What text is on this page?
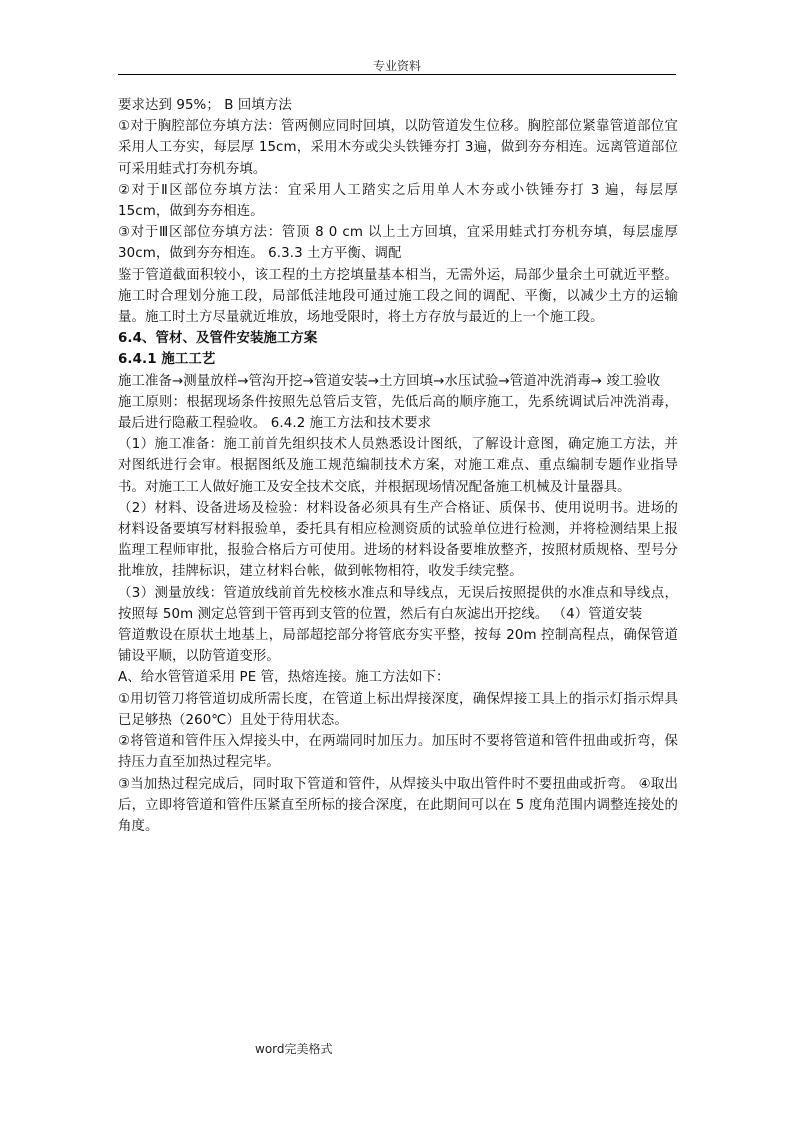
专业资料

要求达到 95%； B 回填方法

①对于胸腔部位夯填方法：管两侧应同时回填，以防管道发生位移。胸腔部位紧靠管道部位宜采用人工夯实，每层厚 15cm，采用木夯或尖头铁锤夯打 3遍，做到夯夯相连。远离管道部位可采用蛙式打夯机夯填。

②对于Ⅱ区部位夯填方法：宜采用人工踏实之后用单人木夯或小铁锤夯打 3 遍，每层厚 15cm，做到夯夯相连。

③对于Ⅲ区部位夯填方法：管顶 8 0 cm 以上土方回填，宜采用蛙式打夯机夯填，每层虚厚 30cm，做到夯夯相连。 6.3.3 土方平衡、调配

鉴于管道截面积较小，该工程的土方挖填量基本相当，无需外运，局部少量余土可就近平整。施工时合理划分施工段，局部低洼地段可通过施工段之间的调配、平衡，以减少土方的运输量。施工时土方尽量就近堆放，场地受限时，将土方存放与最近的上一个施工段。

6.4、管材、及管件安装施工方案

6.4.1 施工工艺

施工准备→测量放样→管沟开挖→管道安装→土方回填→水压试验→管道冲洗消毒→ 竣工验收

施工原则：根据现场条件按照先总管后支管，先低后高的顺序施工，先系统调试后冲洗消毒，最后进行隐蔽工程验收。 6.4.2 施工方法和技术要求

（1）施工准备：施工前首先组织技术人员熟悉设计图纸，了解设计意图，确定施工方法，并对图纸进行会审。根据图纸及施工规范编制技术方案，对施工难点、重点编制专题作业指导书。对施工工人做好施工及安全技术交底，并根据现场情况配备施工机械及计量器具。

（2）材料、设备进场及检验：材料设备必须具有生产合格证、质保书、使用说明书。进场的材料设备要填写材料报验单，委托具有相应检测资质的试验单位进行检测，并将检测结果上报监理工程师审批，报验合格后方可使用。进场的材料设备要堆放整齐，按照材质规格、型号分批堆放，挂牌标识，建立材料台帐，做到帐物相符，收发手续完整。

（3）测量放线：管道放线前首先校核水准点和导线点，无误后按照提供的水准点和导线点，按照每 50m 测定总管到干管再到支管的位置，然后有白灰滤出开挖线。 （4）管道安装

管道敷设在原状土地基上，局部超挖部分将管底夯实平整，按每 20m 控制高程点，确保管道铺设平顺，以防管道变形。

A、给水管管道采用 PE 管，热熔连接。施工方法如下：

①用切管刀将管道切成所需长度，在管道上标出焊接深度，确保焊接工具上的指示灯指示焊具已足够热（260℃）且处于待用状态。

②将管道和管件压入焊接头中，在两端同时加压力。加压时不要将管道和管件扭曲或折弯，保持压力直至加热过程完毕。

③当加热过程完成后，同时取下管道和管件，从焊接头中取出管件时不要扭曲或折弯。 ④取出后，立即将管道和管件压紧直至所标的接合深度，在此期间可以在 5 度角范围内调整连接处的角度。

word完美格式
